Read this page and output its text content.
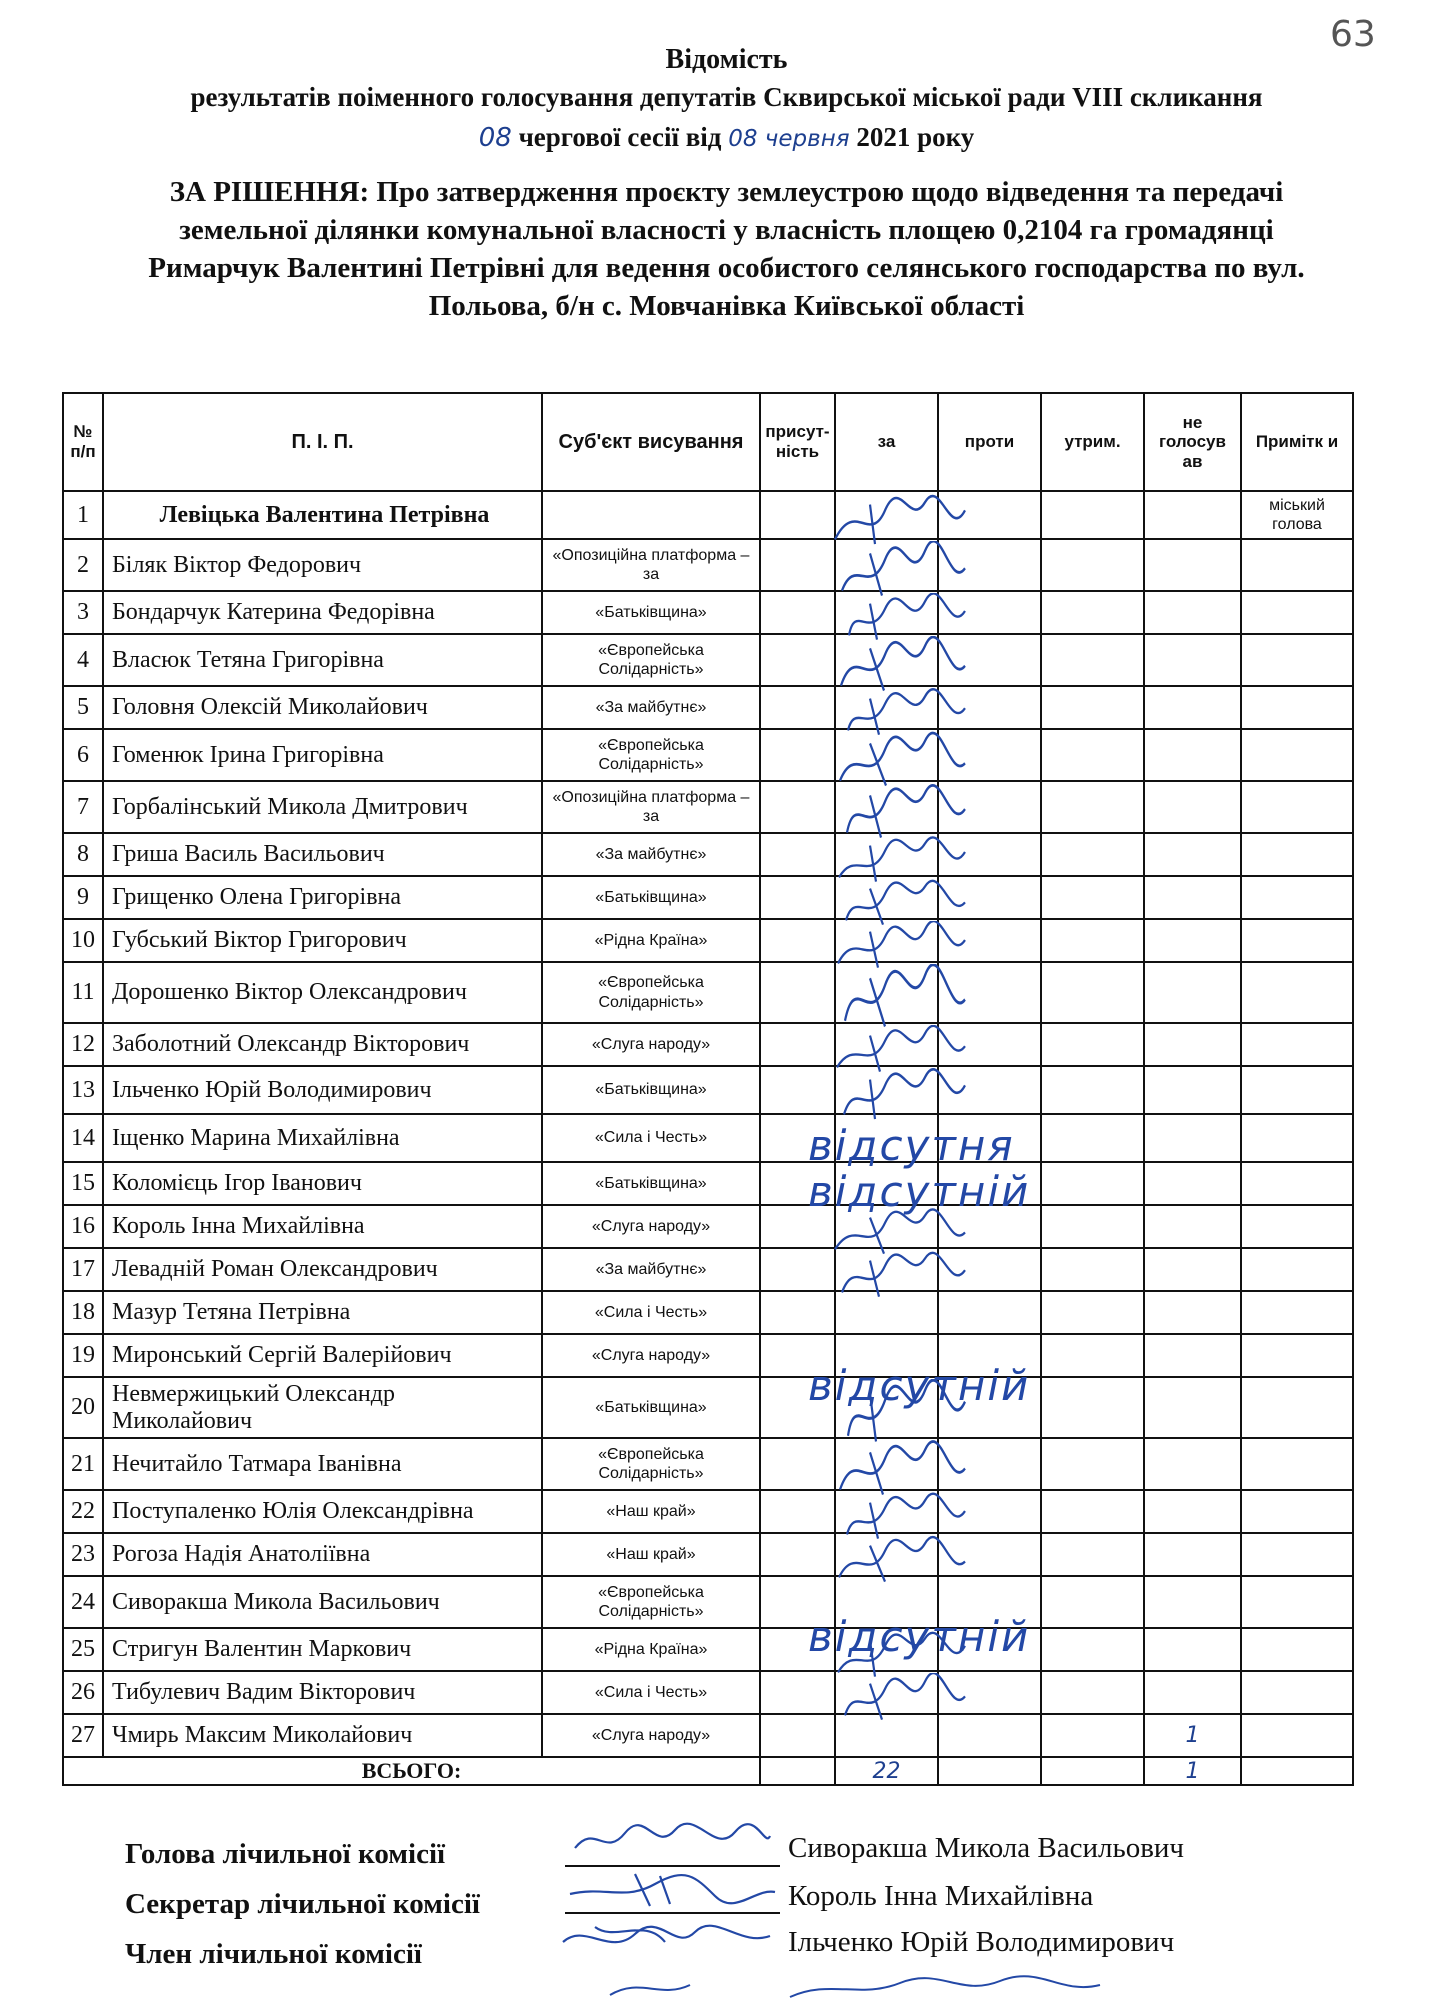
63
Відомість
результатів поіменного голосування депутатів Сквирської міської ради VIII скликання
08 чергової сесії від 08 червня 2021 року
ЗА РІШЕННЯ: Про затвердження проєкту землеустрою щодо відведення та передачі
земельної ділянки комунальної власності у власність площею 0,2104 га громадянці
Римарчук Валентині Петрівні для ведення особистого селянського господарства по вул.
Польова, б/н с. Мовчанівка Київської області
№ п/п	П. І. П.	Суб'єкт висування	присут-ність	за	проти	утрим.	не голосув ав	Примітк и
1	Левіцька Валентина Петрівна							міський голова
2	Біляк Віктор Федорович	«Опозиційна платформа – за						
3	Бондарчук Катерина Федорівна	«Батьківщина»						
4	Власюк Тетяна Григорівна	«Європейська Солідарність»						
5	Головня Олексій Миколайович	«За майбутнє»						
6	Гоменюк Ірина Григорівна	«Європейська Солідарність»						
7	Горбалінський Микола Дмитрович	«Опозиційна платформа – за						
8	Гриша Василь Васильович	«За майбутнє»						
9	Грищенко Олена Григорівна	«Батьківщина»						
10	Губський Віктор Григорович	«Рідна Країна»						
11	Дорошенко Віктор Олександрович	«Європейська Солідарність»						
12	Заболотний Олександр Вікторович	«Слуга народу»						
13	Ільченко Юрій Володимирович	«Батьківщина»						
14	Іщенко Марина Михайлівна	«Сила і Честь»						
15	Коломієць Ігор Іванович	«Батьківщина»						
16	Король Інна Михайлівна	«Слуга народу»						
17	Левадній Роман Олександрович	«За майбутнє»						
18	Мазур Тетяна Петрівна	«Сила і Честь»						
19	Миронський Сергій Валерійович	«Слуга народу»						
20	Невмержицький Олександр Миколайович	«Батьківщина»						
21	Нечитайло Татмара Іванівна	«Європейська Солідарність»						
22	Поступаленко Юлія Олександрівна	«Наш край»						
23	Рогоза Надія Анатоліївна	«Наш край»						
24	Сиворакша Микола Васильович	«Європейська Солідарність»						
25	Стригун Валентин Маркович	«Рідна Країна»						
26	Тибулевич Вадим Вікторович	«Сила і Честь»						
27	Чмирь Максим Миколайович	«Слуга народу»					1	
ВСЬОГО:				22			1	
відсутня
відсутній
відсутній
відсутній
Голова лічильної комісії	Сиворакша Микола Васильович
Секретар лічильної комісії	Король Інна Михайлівна
Член лічильної комісії	Ільченко Юрій Володимирович
